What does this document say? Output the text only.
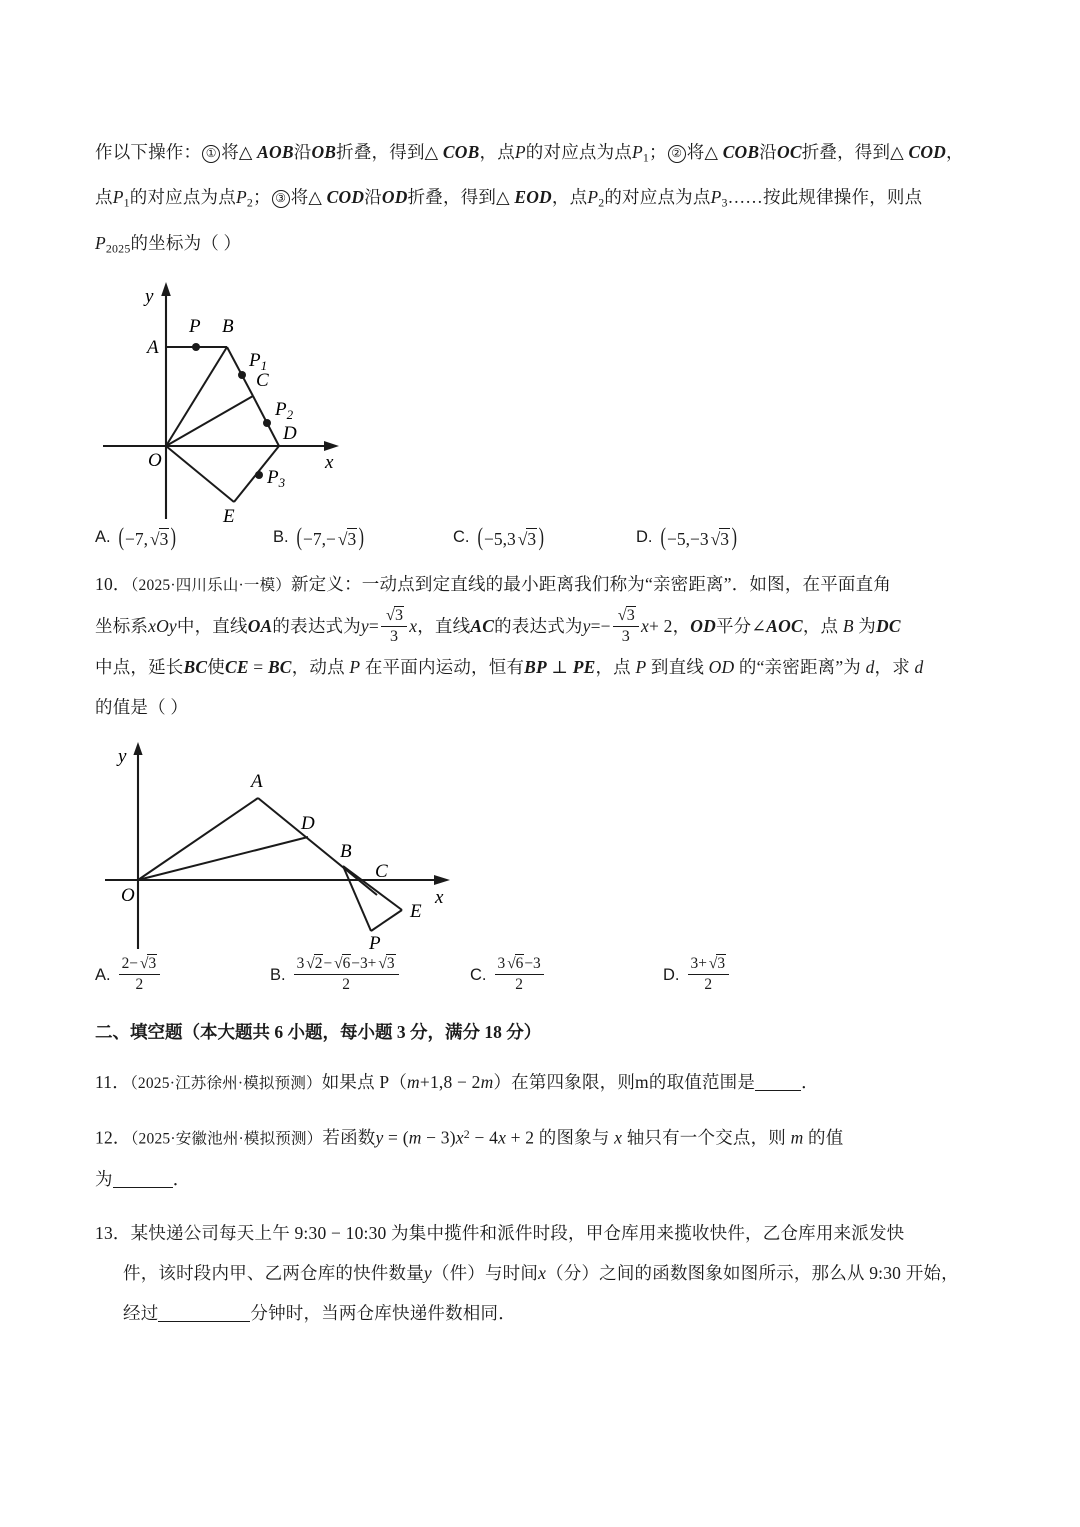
作以下操作： ① 将△ AOB沿OB折叠，得到△ COB，点P的对应点为点$P_1$； ② 将△ COB沿OC折叠，得到△ COD，
点$P_1$的对应点为点$P_2$； ③ 将△ COD沿OD折叠，得到△ EOD，点$P_2$的对应点为点$P_3\dots\dots$按此规律操作，则点
$P_{2025}$的坐标为（ ）
A
P B
$P_1$
C
$P_2$
D
$P_3$
E
O
y
x
A. (−7, √3)	B. (−7,− √3)	C. (−5,3 √3)	D. (−5,−3 √3)
10．（2025·四川乐山·一模）新定义：一动点到定直线的最小距离我们称为“亲密距离”．如图，在平面直角
坐标系xOy中，直线OA的表达式为$y= \frac{√3}{3}$ x，直线AC的表达式为$y=- \frac{√3}{3} x+ 2$，OD平分∠AOC，点 B 为DC
中点，延长BC使CE = BC，动点 P 在平面内运动，恒有BP ⊥ PE，点 P 到直线 OD 的“亲密距离”为 d，求 d
的值是（ ）
A
D
B
C
E
P
O
y
x
A. $\frac{2- √3}{2}$	B. $\frac{3 √2- √6-3+ √3}{2}$	C. $\frac{3 √6-3}{2}$	D. $\frac{3+ √3}{2}$
二、填空题（本大题共 6 小题，每小题 3 分，满分 18 分）
11．（2025·江苏徐州·模拟预测）如果点 P（m+1,8 − 2m）在第四象限，则m的取值范围是	．
12．（2025·安徽池州·模拟预测）若函数$y = (m - 3)x^2 - 4x + 2$ 的图象与 x 轴只有一个交点，则 m 的值
为	．
13．某快递公司每天上午 9:30 − 10:30 为集中揽件和派件时段，甲仓库用来揽收快件，乙仓库用来派发快
件，该时段内甲、乙两仓库的快件数量y（件）与时间x（分）之间的函数图象如图所示，那么从 9:30 开始，
经过	分钟时，当两仓库快递件数相同．
